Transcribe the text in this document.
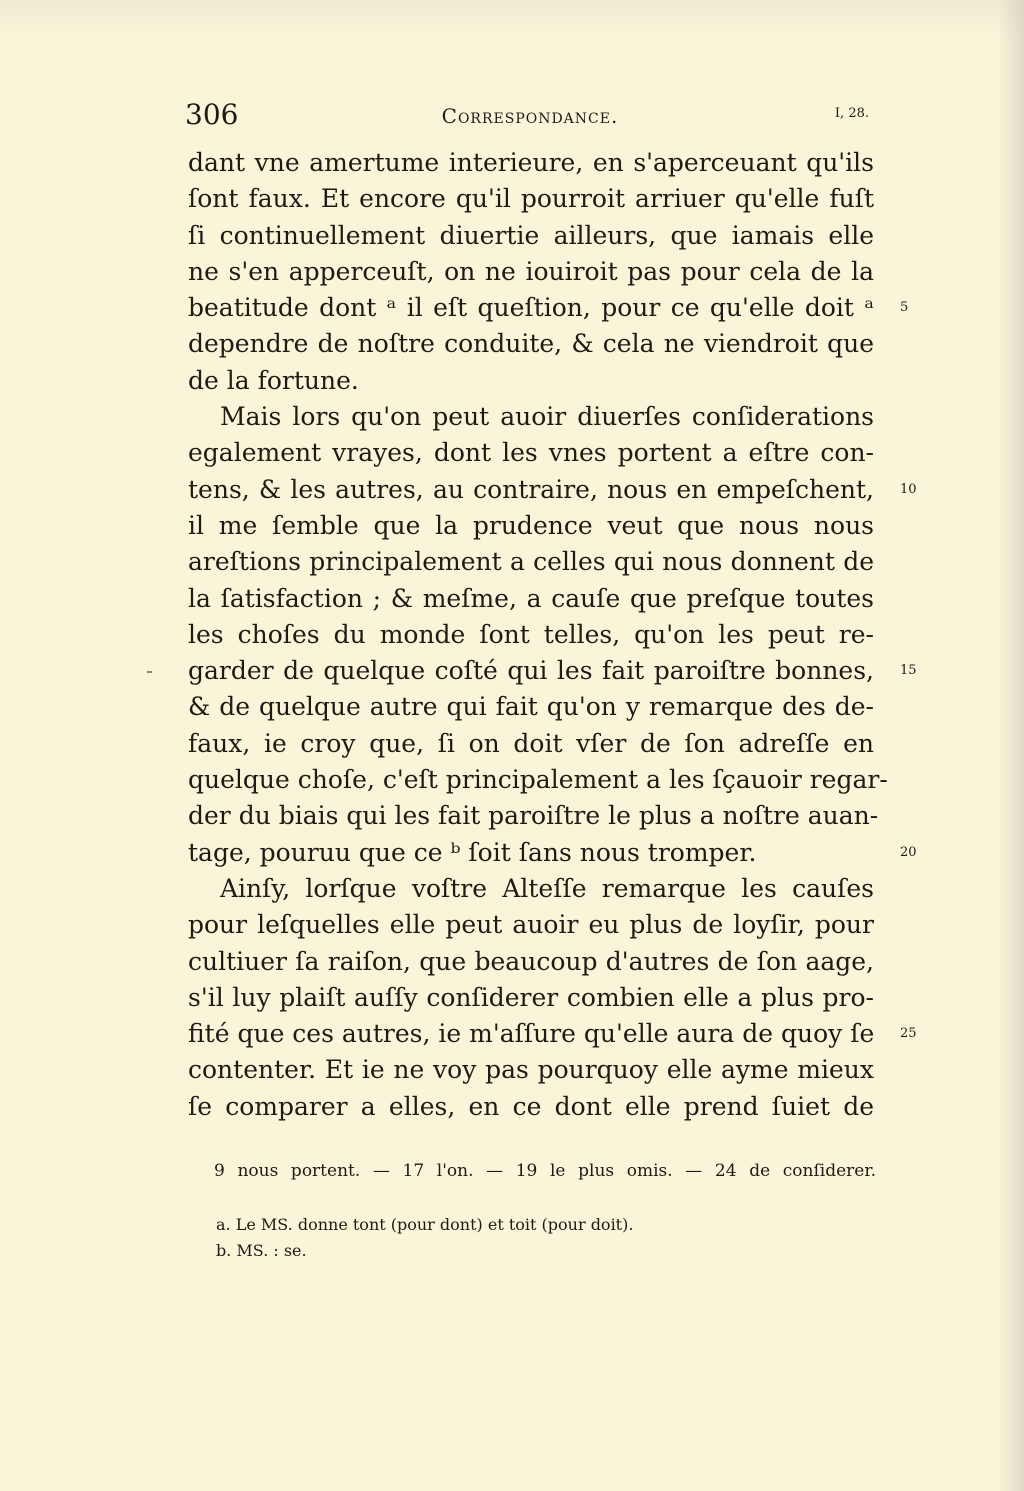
306	Correspondance.	I, 28.
dant vne amertume interieure, en s'aperceuant qu'ils
ſont faux. Et encore qu'il pourroit arriuer qu'elle fuſt
ſi continuellement diuertie ailleurs, que iamais elle
ne s'en apperceuſt, on ne iouiroit pas pour cela de la
beatitude dont ᵃ il eſt queſtion, pour ce qu'elle doit ᵃ
dependre de noſtre conduite, & cela ne viendroit que
de la fortune.
Mais lors qu'on peut auoir diuerſes conſiderations
egalement vrayes, dont les vnes portent a eſtre con-
tens, & les autres, au contraire, nous en empeſchent,
il me ſemble que la prudence veut que nous nous
areſtions principalement a celles qui nous donnent de
la ſatisfaction ; & meſme, a cauſe que preſque toutes
les choſes du monde ſont telles, qu'on les peut re-
garder de quelque coſté qui les fait paroiſtre bonnes,
& de quelque autre qui fait qu'on y remarque des de-
faux, ie croy que, ſi on doit vſer de ſon adreſſe en
quelque choſe, c'eſt principalement a les ſçauoir regar-
der du biais qui les fait paroiſtre le plus a noſtre auan-
tage, pouruu que ce ᵇ ſoit ſans nous tromper.
Ainſy, lorſque voſtre Alteſſe remarque les cauſes
pour leſquelles elle peut auoir eu plus de loyſir, pour
cultiuer ſa raiſon, que beaucoup d'autres de ſon aage,
s'il luy plaiſt auſſy conſiderer combien elle a plus pro-
fité que ces autres, ie m'aſſure qu'elle aura de quoy ſe
contenter. Et ie ne voy pas pourquoy elle ayme mieux
ſe comparer a elles, en ce dont elle prend ſuiet de
5
10
15
20
25
9 nous portent. — 17 l'on. — 19 le plus omis. — 24 de conſiderer.
a. Le MS. donne tont (pour dont) et toit (pour doit).
b. MS. : se.
